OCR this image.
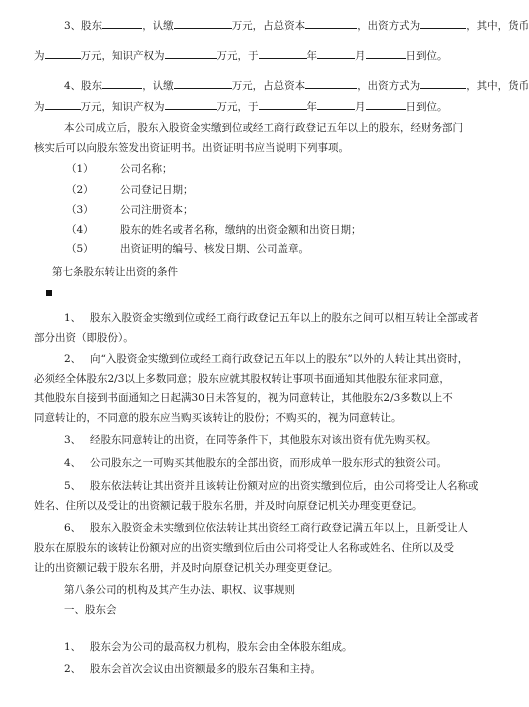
3、股东	，认缴	万元，占总资本	，出资方式为	，其中，货币
为	万元，知识产权为	万元，于	年	月	日到位。
4、股东	，认缴	万元，占总资本	，出资方式为	，其中，货币
为	万元，知识产权为	万元，于	年	月	日到位。
本公司成立后，股东入股资金实缴到位或经工商行政登记五年以上的股东，经财务部门
核实后可以向股东签发出资证明书。出资证明书应当说明下列事项。
（1）	公司名称；
（2）	公司登记日期；
（3）	公司注册资本；
（4）	股东的姓名或者名称，缴纳的出资金额和出资日期；
（5）	出资证明的编号、核发日期、公司盖章。
第七条股东转让出资的条件
1、 股东入股资金实缴到位或经工商行政登记五年以上的股东之间可以相互转让全部或者
部分出资（即股份）。
2、 向“入股资金实缴到位或经工商行政登记五年以上的股东”以外的人转让其出资时，
必须经全体股东2/3以上多数同意；股东应就其股权转让事项书面通知其他股东征求同意，
其他股东自接到书面通知之日起满30日未答复的，视为同意转让，其他股东2/3多数以上不
同意转让的，不同意的股东应当购买该转让的股份；不购买的，视为同意转让。
3、 经股东同意转让的出资，在同等条件下，其他股东对该出资有优先购买权。
4、 公司股东之一可购买其他股东的全部出资，而形成单一股东形式的独资公司。
5、 股东依法转让其出资并且该转让份额对应的出资实缴到位后，由公司将受让人名称或
姓名、住所以及受让的出资额记载于股东名册，并及时向原登记机关办理变更登记。
6、 股东入股资金未实缴到位依法转让其出资经工商行政登记满五年以上，且新受让人
股东在原股东的该转让份额对应的出资实缴到位后由公司将受让人名称或姓名、住所以及受
让的出资额记载于股东名册，并及时向原登记机关办理变更登记。
第八条公司的机构及其产生办法、职权、议事规则
一、股东会
1、 股东会为公司的最高权力机构，股东会由全体股东组成。
2、 股东会首次会议由出资额最多的股东召集和主持。
